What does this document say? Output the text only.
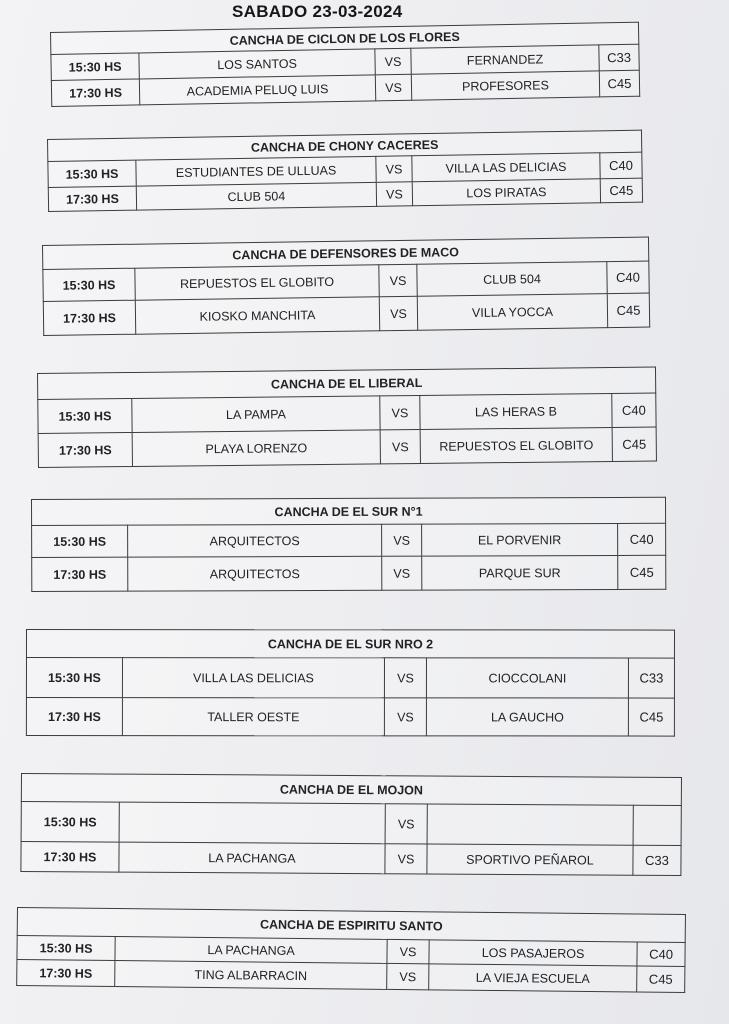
SABADO 23-03-2024
CANCHA DE CICLON DE LOS FLORES				
15:30 HS	LOS SANTOS	VS	FERNANDEZ	C33
17:30 HS	ACADEMIA PELUQ LUIS	VS	PROFESORES	C45
CANCHA DE CHONY CACERES				
15:30 HS	ESTUDIANTES DE ULLUAS	VS	VILLA LAS DELICIAS	C40
17:30 HS	CLUB 504	VS	LOS PIRATAS	C45
CANCHA DE DEFENSORES DE MACO				
15:30 HS	REPUESTOS EL GLOBITO	VS	CLUB 504	C40
17:30 HS	KIOSKO MANCHITA	VS	VILLA YOCCA	C45
CANCHA DE EL LIBERAL				
15:30 HS	LA PAMPA	VS	LAS HERAS B	C40
17:30 HS	PLAYA LORENZO	VS	REPUESTOS EL GLOBITO	C45
CANCHA DE EL SUR N°1				
15:30 HS	ARQUITECTOS	VS	EL PORVENIR	C40
17:30 HS	ARQUITECTOS	VS	PARQUE SUR	C45
CANCHA DE EL SUR NRO 2				
15:30 HS	VILLA LAS DELICIAS	VS	CIOCCOLANI	C33
17:30 HS	TALLER OESTE	VS	LA GAUCHO	C45
CANCHA DE EL MOJON				
15:30 HS		VS		
17:30 HS	LA PACHANGA	VS	SPORTIVO PEÑAROL	C33
CANCHA DE ESPIRITU SANTO				
15:30 HS	LA PACHANGA	VS	LOS PASAJEROS	C40
17:30 HS	TING ALBARRACIN	VS	LA VIEJA ESCUELA	C45
